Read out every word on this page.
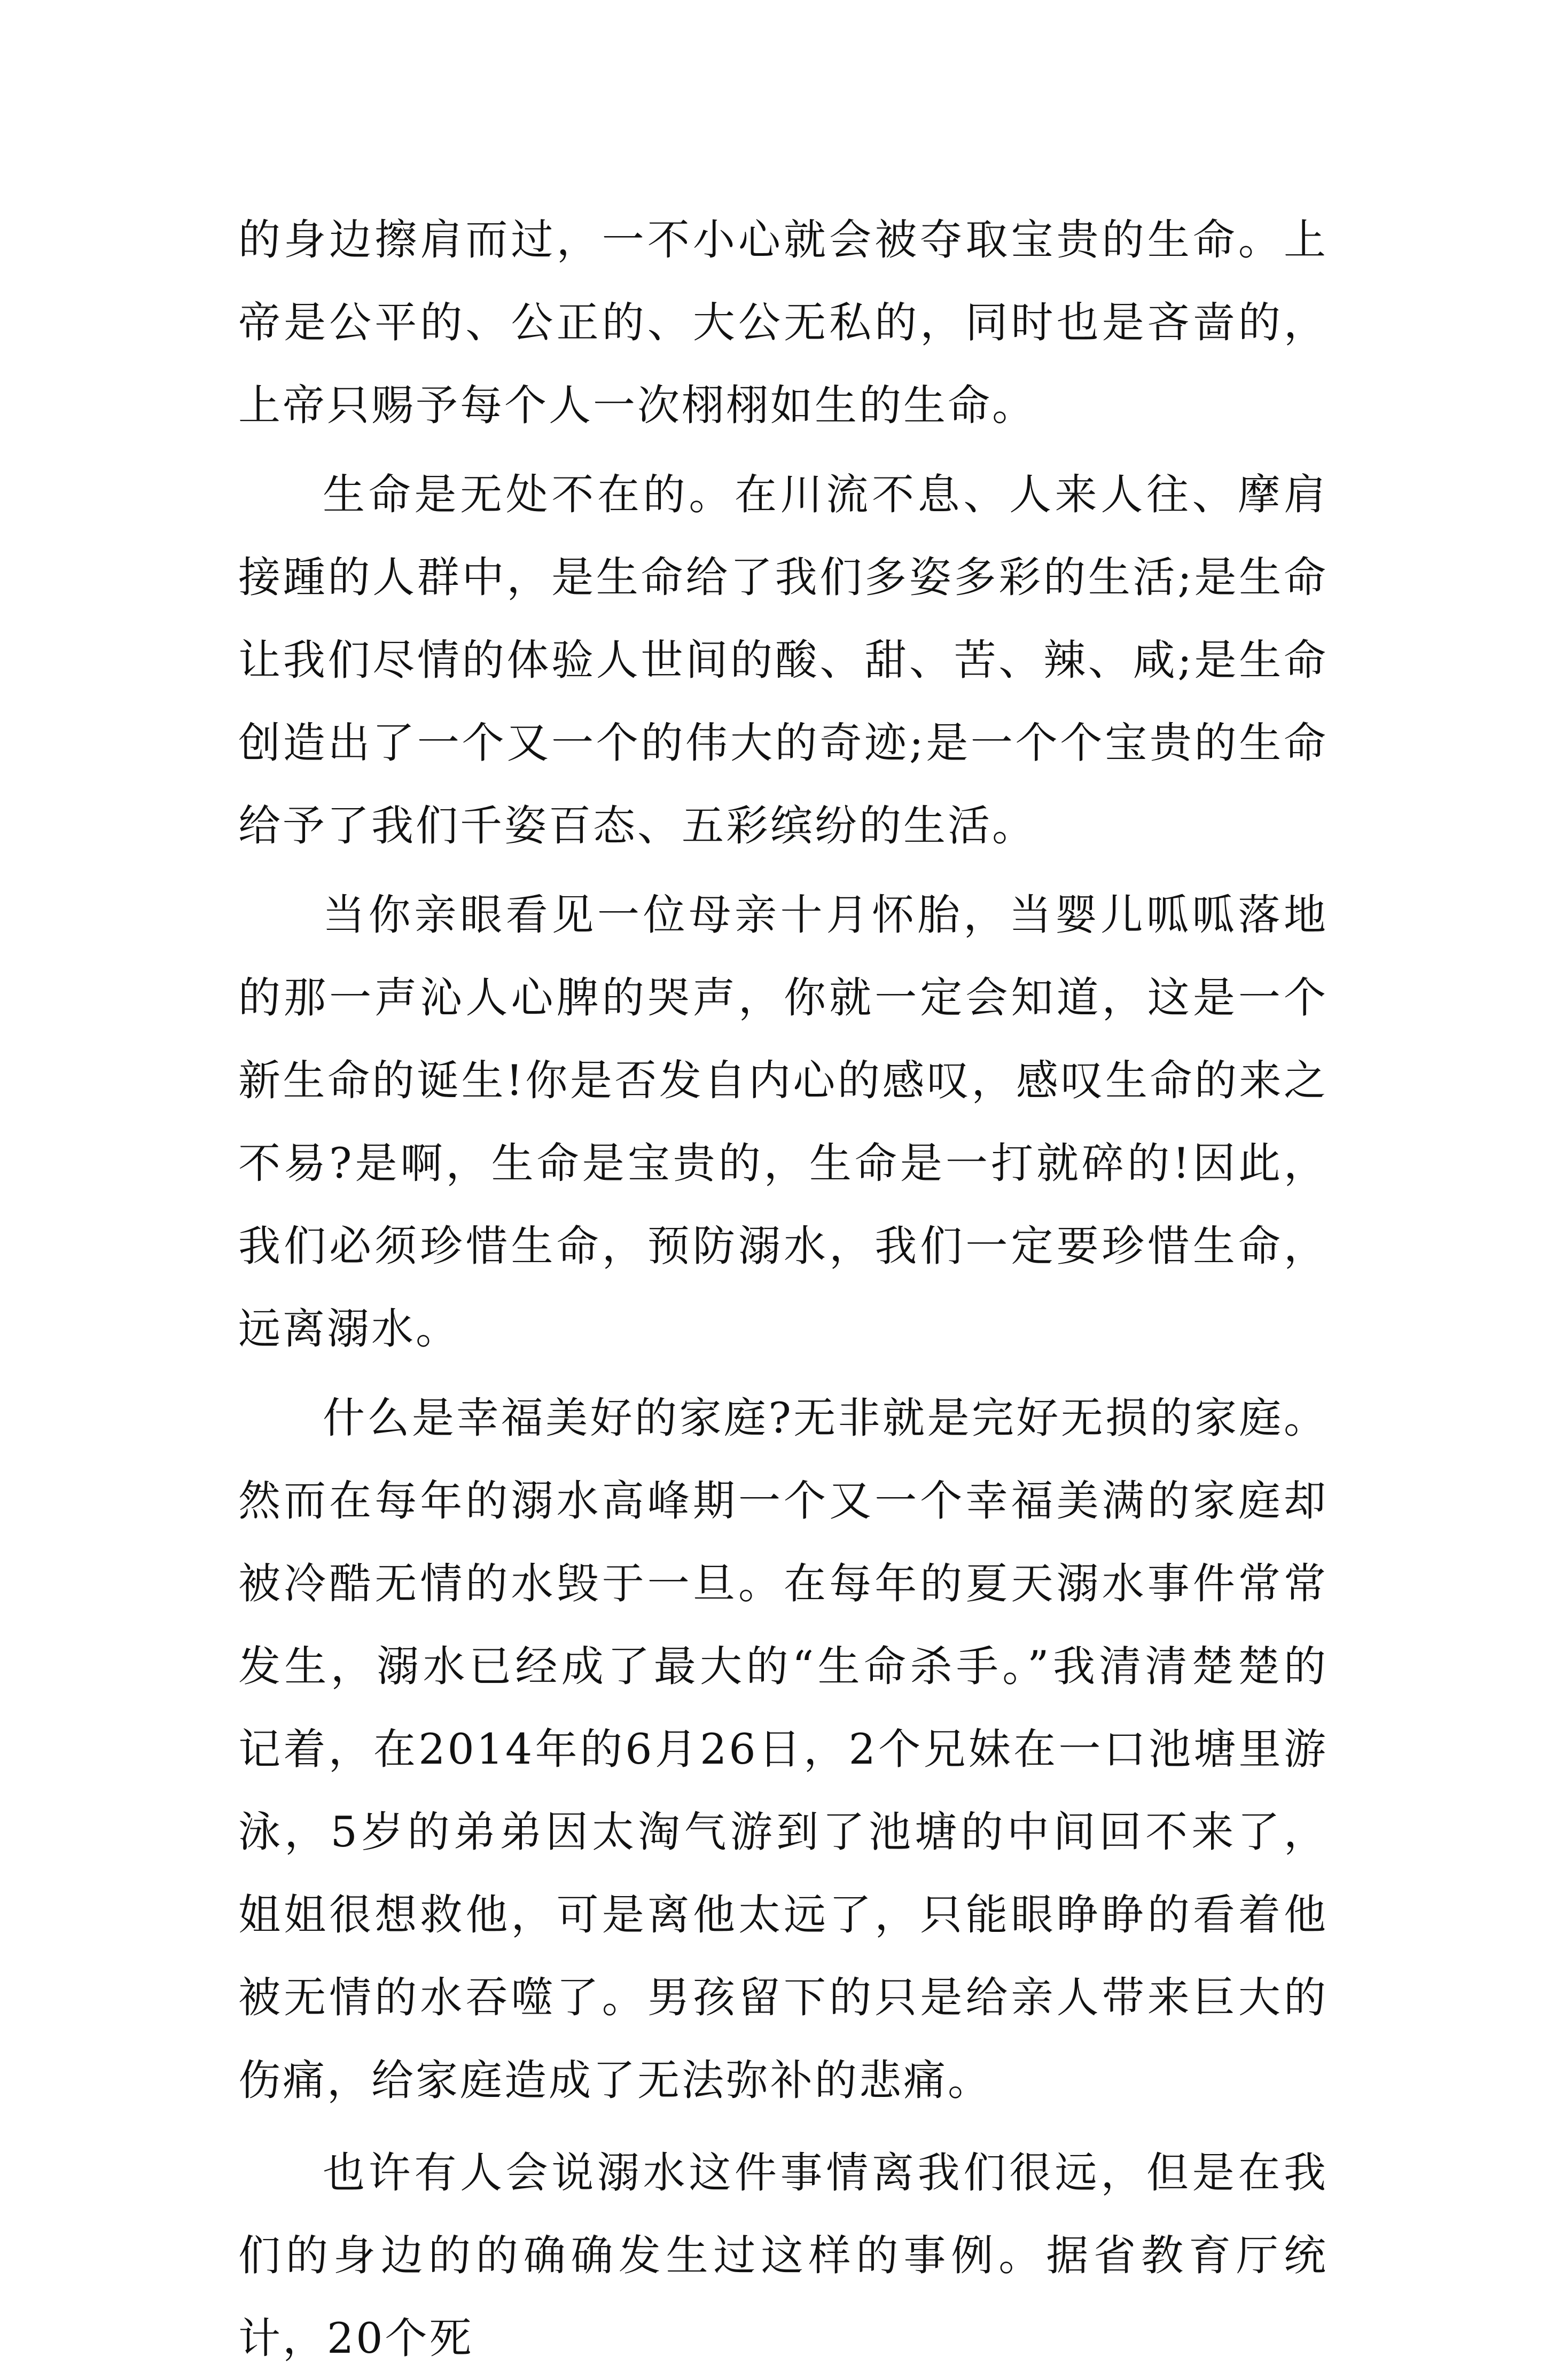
的身边擦肩而过，一不小心就会被夺取宝贵的生命。上帝是公平的、公正的、大公无私的，同时也是吝啬的，上帝只赐予每个人一次栩栩如生的生命。

生命是无处不在的。在川流不息、人来人往、摩肩接踵的人群中，是生命给了我们多姿多彩的生活;是生命让我们尽情的体验人世间的酸、甜、苦、辣、咸;是生命创造出了一个又一个的伟大的奇迹;是一个个宝贵的生命给予了我们千姿百态、五彩缤纷的生活。

当你亲眼看见一位母亲十月怀胎，当婴儿呱呱落地的那一声沁人心脾的哭声，你就一定会知道，这是一个新生命的诞生!你是否发自内心的感叹，感叹生命的来之不易?是啊，生命是宝贵的，生命是一打就碎的!因此，我们必须珍惜生命，预防溺水，我们一定要珍惜生命，远离溺水。

什么是幸福美好的家庭?无非就是完好无损的家庭。然而在每年的溺水高峰期一个又一个幸福美满的家庭却被冷酷无情的水毁于一旦。在每年的夏天溺水事件常常发生，溺水已经成了最大的“生命杀手。”我清清楚楚的记着，在2014年的6月26日，2个兄妹在一口池塘里游泳，5岁的弟弟因太淘气游到了池塘的中间回不来了，姐姐很想救他，可是离他太远了，只能眼睁睁的看着他被无情的水吞噬了。男孩留下的只是给亲人带来巨大的伤痛，给家庭造成了无法弥补的悲痛。

也许有人会说溺水这件事情离我们很远，但是在我们的身边的的确确发生过这样的事例。据省教育厅统计，20个死
